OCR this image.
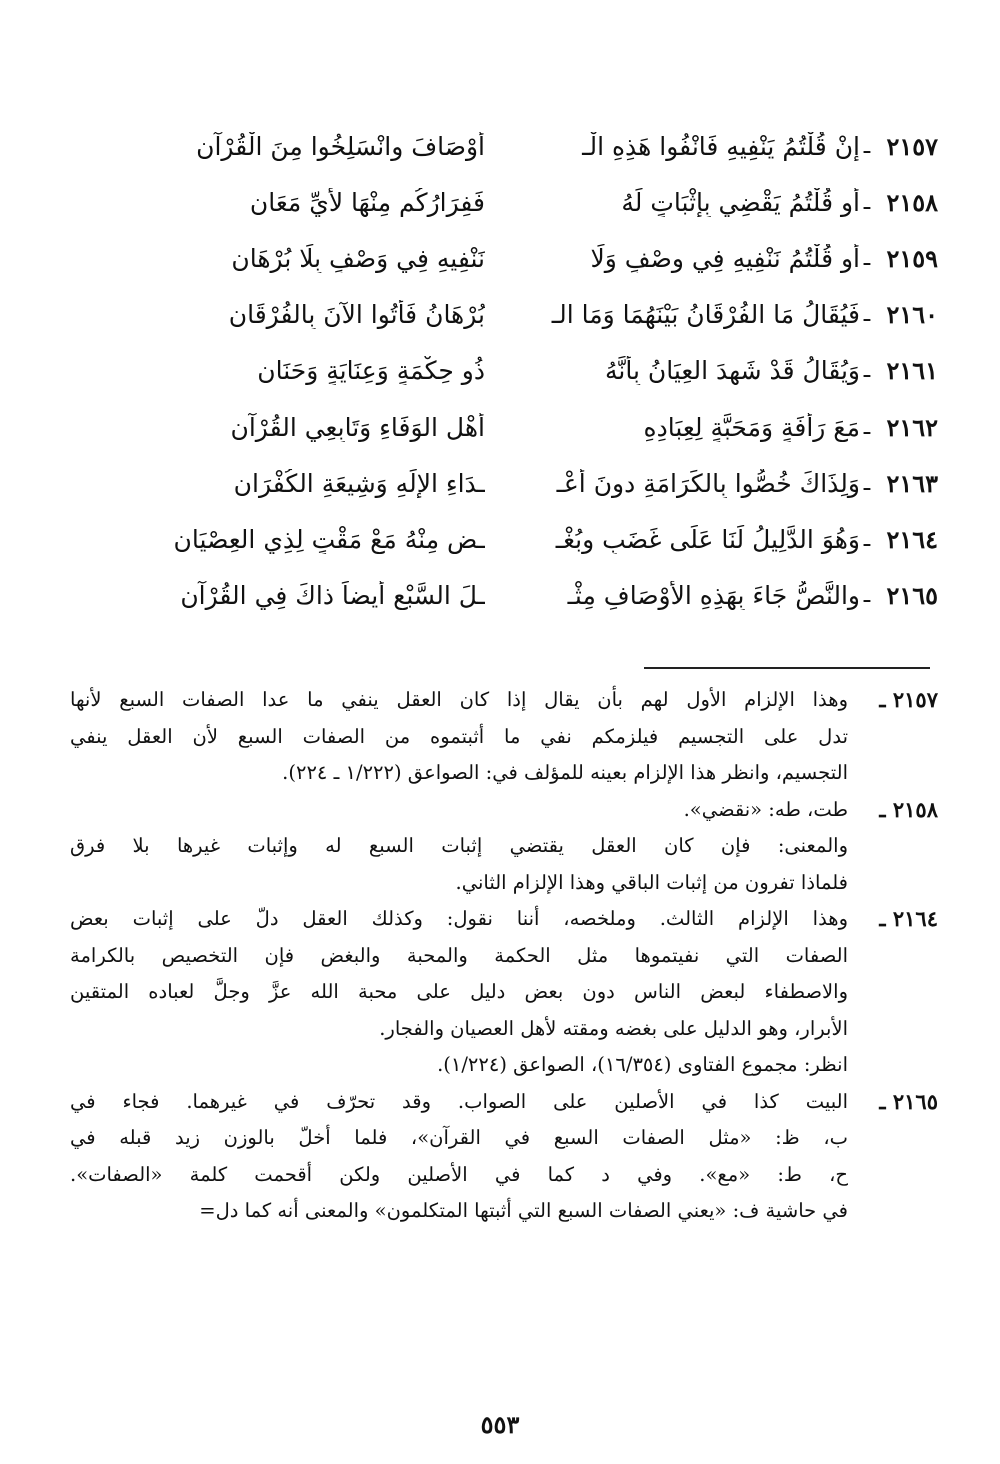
٢١٥٧
ـ
إنْ قُلْتُمُ يَنْفِيهِ فَانْفُوا هَذِهِ الْـ
أَوْصَافَ وانْسَلِخُوا مِنَ الْقُرْآنِ
٢١٥٨
ـ
أو قُلْتُمُ يَقْضِي بِإثْبَاتٍ لَهُ
فَفِرَارُكُم مِنْهَا لأيِّ مَعَانِ
٢١٥٩
ـ
أو قُلْتُمُ نَنْفِيهِ فِي وصْفٍ وَلَا
نَنْفِيهِ فِي وَصْفٍ بِلَا بُرْهَانِ
٢١٦٠
ـ
فَيُقَالُ مَا الفُرْقَانُ بَيْنَهُمَا وَمَا الـ
بُرْهَانُ فَأْتُوا الآنَ بِالفُرْقَانِ
٢١٦١
ـ
وَيُقَالُ قَدْ شَهِدَ العِيَانُ بِأنَّهُ
ذُو حِكْمَةٍ وَعِنَايَةٍ وَحَنَانِ
٢١٦٢
ـ
مَعَ رَأْفَةٍ وَمَحَبَّةٍ لِعِبَادِهِ
أَهْلِ الوَفَاءِ وَتَابِعِي القُرْآنِ
٢١٦٣
ـ
وَلِذَاكَ خُصُّوا بِالكَرَامَةِ دونَ أَعْـ
ـدَاءِ الإلَهِ وَشِيعَةِ الكُفْرَانِ
٢١٦٤
ـ
وَهُوَ الدَّلِيلُ لَنَا عَلَى غَضَبٍ وبُغْـ
ـضٍ مِنْهُ مَعْ مَقْتٍ لِذِي العِصْيَانِ
٢١٦٥
ـ
والنَّصُّ جَاءَ بِهَذِهِ الأوْصَافِ مِثْـ
ـلَ السَّبْعِ أيضاً ذاكَ فِي القُرْآنِ
٢١٥٧ ـ
وهذا الإلزام الأول لهم بأن يقال إذا كان العقل ينفي ما عدا الصفات السبع لأنها
تدل على التجسيم فيلزمكم نفي ما أثبتموه من الصفات السبع لأن العقل ينفي
التجسيم، وانظر هذا الإلزام بعينه للمؤلف في: الصواعق (١/٢٢٢ ـ ٢٢٤).
٢١٥٨ ـ
طت، طه: «نقضي».
والمعنى: فإن كان العقل يقتضي إثبات السبع له وإثبات غيرها بلا فرق
فلماذا تفرون من إثبات الباقي وهذا الإلزام الثاني.
٢١٦٤ ـ
وهذا الإلزام الثالث. وملخصه، أننا نقول: وكذلك العقل دلّ على إثبات بعض
الصفات التي نفيتموها مثل الحكمة والمحبة والبغض فإن التخصيص بالكرامة
والاصطفاء لبعض الناس دون بعض دليل على محبة الله عزَّ وجلَّ لعباده المتقين
الأبرار، وهو الدليل على بغضه ومقته لأهل العصيان والفجار.
انظر: مجموع الفتاوى (١٦/٣٥٤)، الصواعق (١/٢٢٤).
٢١٦٥ ـ
البيت كذا في الأصلين على الصواب. وقد تحرّف في غيرهما. فجاء في
ب، ظ: «مثل الصفات السبع في القرآن»، فلما أخلّ بالوزن زيد قبله في
ح، ط: «مع». وفي د كما في الأصلين ولكن أقحمت كلمة «الصفات».
في حاشية ف: «يعني الصفات السبع التي أثبتها المتكلمون» والمعنى أنه كما دل=
٥٥٣
